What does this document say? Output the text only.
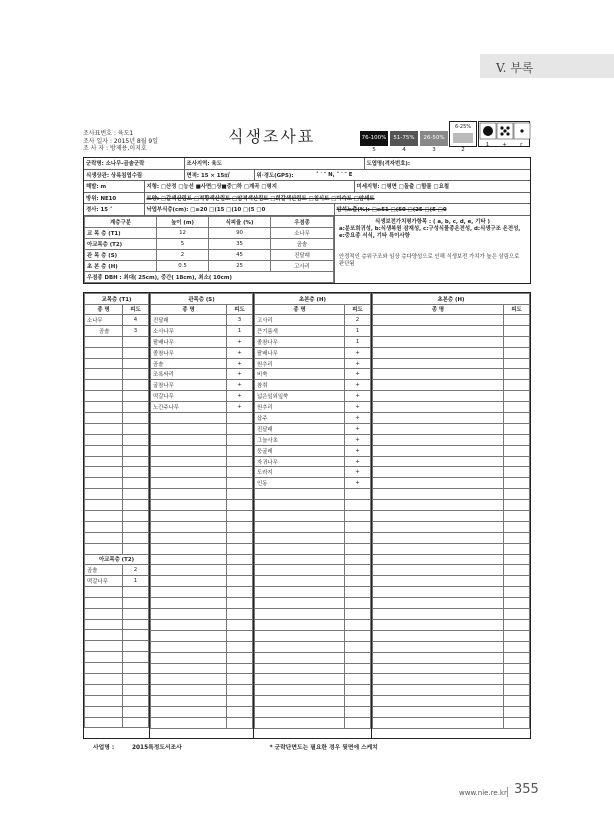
V. 부록
조사표번호 : 육도1
조사 일자 : 2015년 8월 9일
조 사 자 : 방제용,이지호
식생조사표	76-100%	51-75%	26-50%
6-25%
5	4	3	2
1 + r
군락명: 소나무-곰솔군락	조사지역: 육도	도엽명(격자번호):
식생상관: 상록침엽수림	면적: 15 × 15㎡	위·경도(GPS):	˚ ′ ″ N, ˚ ′ ″ E
해발: m	지형: □산정 □능선 ■사면□상■중□하 □계곡 □평지	미세지형: □평면 □돌출 □함몰 □요철
방위: NE10	토양: □갈색산림토 □적황색산림토 □암적색산림토 □회갈색산림토 □침식토 □미숙토 □암쇄토
경사: 15 ˚	낙엽부식층(cm): □≥20 □(15 □(10 □(5 □0	암석노출(%): □≥51 □(50 □(25 □(5 □0
계층구분	높이 (m)	식피율 (%)	우점종
교 목 층 (T1)	12	90	소나무
아교목층 (T2)	5	35	곰솔
관 목 층 (S)	2	45	진달래
초 본 층 (H)	0.5	25	고사리
우점종 DBH : 최대( 25cm), 중간( 18cm), 최소( 10cm)			
식생보전가치평가항목 : ( a, b, c, d, e, 기타 )
a:분포희귀성, b:식생복원 잠재성, c:구성식물종온전성, d:식생구조 온전성,
e:중요종 서식, 기타 특이사항
안정적인 층위구조와 임상 층다양성으로 인해 식생보전 가치가 높은 삼림으로
판단됨
교목층 (T1)	
종 명	피도
소나무	4
곰솔	3

아교목층 (T2)	
곰솔	2
떡갈나무	1

관목층 (S)	
종 명	피도
진달래	3
소사나무	1
팥배나무	+
졸참나무	+
곰솔	+
조록싸리	+
굴참나무	+
떡갈나무	+
노간주나무	+

초본층 (H)	
종 명	피도
고사리	2
큰기름새	1
졸참나무	1
팥배나무	+
원추리	+
비쑥	+
참취	+
넓은잎외잎쑥	+
원추리	+
삽주	+
진달래	+
그늘사초	+
둥굴레	+
자귀나무	+
도라지	+
인동	+

초본층 (H)	
종 명	피도

사업명 :	2015특정도서조사	* 군락단면도는 필요한 경우 뒷면에 스케치
www.nie.re.kr 355
